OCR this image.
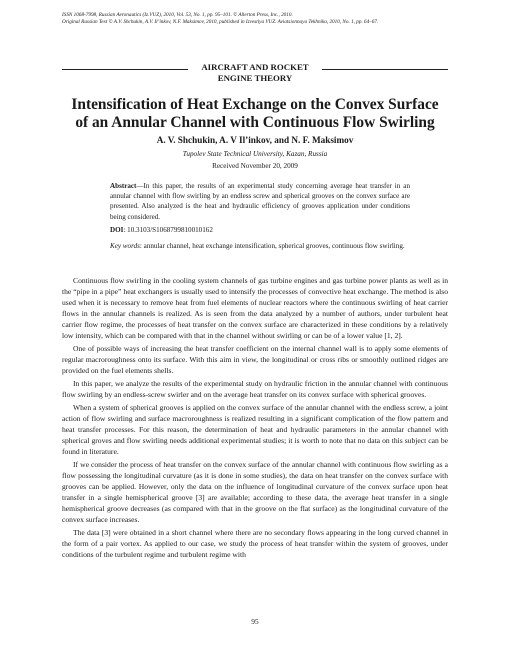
ISSN 1068-7998, Russian Aeronautics (Iz.VUZ), 2010, Vol. 53, No. 1, pp. 95–101. © Allerton Press, Inc., 2010.
Original Russian Text © A.V. Shchukin, A.V. Il’inkov, N.F. Maksimov, 2010, published in Izvestiya VUZ. Aviatsionnaya Tekhnika, 2010, No. 1, pp. 64–67.
AIRCRAFT AND ROCKET
ENGINE THEORY
Intensification of Heat Exchange on the Convex Surface
of an Annular Channel with Continuous Flow Swirling
A. V. Shchukin, A. V Il’inkov, and N. F. Maksimov
Tupolev State Technical University, Kazan, Russia
Received November 20, 2009
Abstract—In this paper, the results of an experimental study concerning average heat transfer in an annular channel with flow swirling by an endless screw and spherical grooves on the convex surface are presented. Also analyzed is the heat and hydraulic efficiency of grooves application under conditions being considered.
DOI: 10.3103/S1068799810010162
Key words: annular channel, heat exchange intensification, spherical grooves, continuous flow swirling.

Continuous flow swirling in the cooling system channels of gas turbine engines and gas turbine power plants as well as in the “pipe in a pipe” heat exchangers is usually used to intensify the processes of convective heat exchange. The method is also used when it is necessary to remove heat from fuel elements of nuclear reactors where the continuous swirling of heat carrier flows in the annular channels is realized. As is seen from the data analyzed by a number of authors, under turbulent heat carrier flow regime, the processes of heat transfer on the convex surface are characterized in these conditions by a relatively low intensity, which can be compared with that in the channel without swirling or can be of a lower value [1, 2].

One of possible ways of increasing the heat transfer coefficient on the internal channel wall is to apply some elements of regular macroroughness onto its surface. With this aim in view, the longitudinal or cross ribs or smoothly outlined ridges are provided on the fuel elements shells.

In this paper, we analyze the results of the experimental study on hydraulic friction in the annular channel with continuous flow swirling by an endless-screw swirler and on the average heat transfer on its convex surface with spherical grooves.

When a system of spherical grooves is applied on the convex surface of the annular channel with the endless screw, a joint action of flow swirling and surface macroroughness is realized resulting in a significant complication of the flow pattern and heat transfer processes. For this reason, the determination of heat and hydraulic parameters in the annular channel with spherical groves and flow swirling needs additional experimental studies; it is worth to note that no data on this subject can be found in literature.

If we consider the process of heat transfer on the convex surface of the annular channel with continuous flow swirling as a flow possessing the longitudinal curvature (as it is done in some studies), the data on heat transfer on the convex surface with grooves can be applied. However, only the data on the influence of longitudinal curvature of the convex surface upon heat transfer in a single hemispherical groove [3] are available; according to these data, the average heat transfer in a single hemispherical groove decreases (as compared with that in the groove on the flat surface) as the longitudinal curvature of the convex surface increases.

The data [3] were obtained in a short channel where there are no secondary flows appearing in the long curved channel in the form of a pair vortex. As applied to our case, we study the process of heat transfer within the system of grooves, under conditions of the turbulent regime and turbulent regime with

95
